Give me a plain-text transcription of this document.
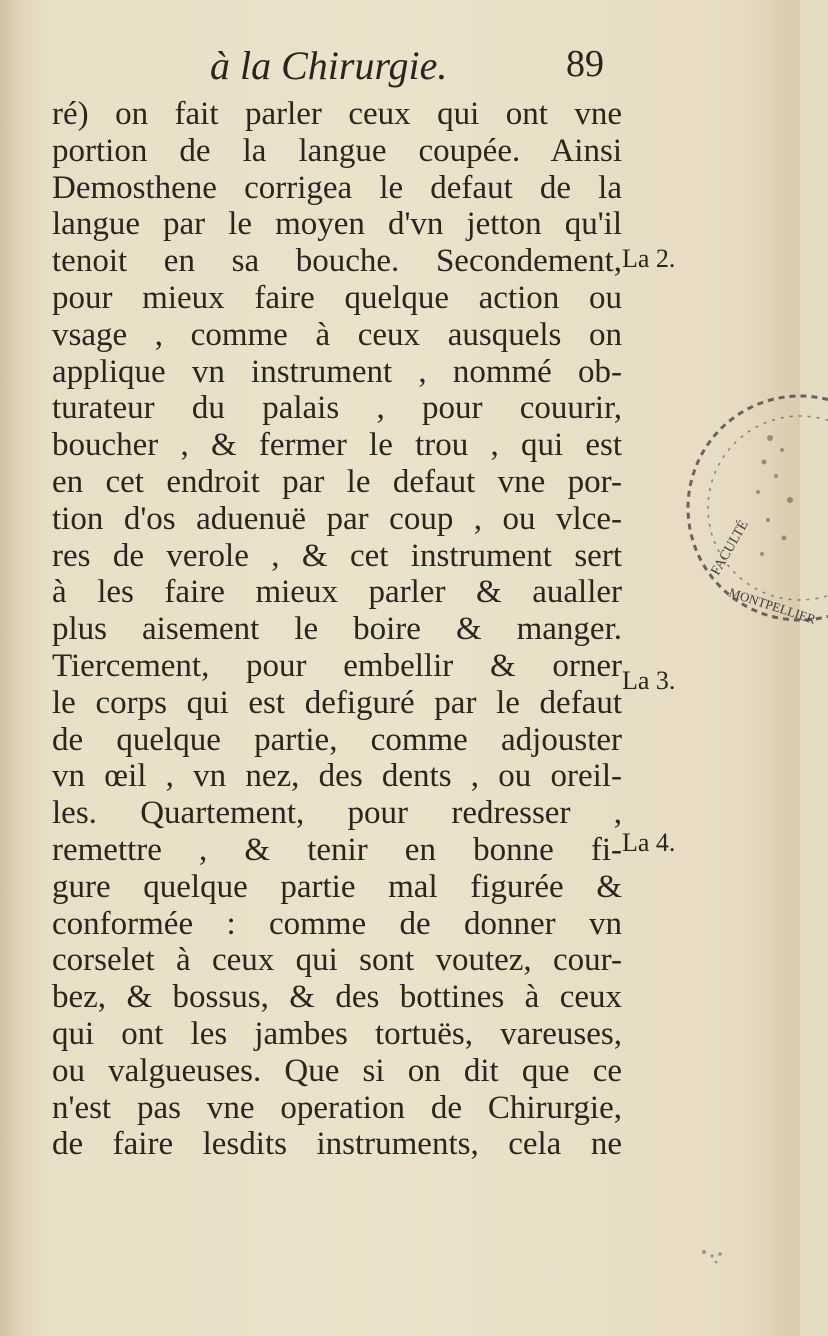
à la Chirurgie.	89
ré) on fait parler ceux qui ont vne
portion de la langue coupée. Ainsi
Demosthene corrigea le defaut de la
langue par le moyen d'vn jetton qu'il
tenoit en sa bouche. Secondement,
pour mieux faire quelque action ou
vsage , comme à ceux ausquels on
applique vn instrument , nommé ob-
turateur du palais , pour couurir,
boucher , & fermer le trou , qui est
en cet endroit par le defaut vne por-
tion d'os aduenuë par coup , ou vlce-
res de verole , & cet instrument sert
à les faire mieux parler & aualler
plus aisement le boire & manger.
Tiercement, pour embellir & orner
le corps qui est defiguré par le defaut
de quelque partie, comme adjouster
vn œil , vn nez, des dents , ou oreil-
les. Quartement, pour redresser ,
remettre , & tenir en bonne fi-
gure quelque partie mal figurée &
conformée : comme de donner vn
corselet à ceux qui sont voutez, cour-
bez, & bossus, & des bottines à ceux
qui ont les jambes tortuës, vareuses,
ou valgueuses. Que si on dit que ce
n'est pas vne operation de Chirurgie,
de faire lesdits instruments, cela ne
La 2.
La 3.
La 4.
FACULTÉ
MONTPELLIER
